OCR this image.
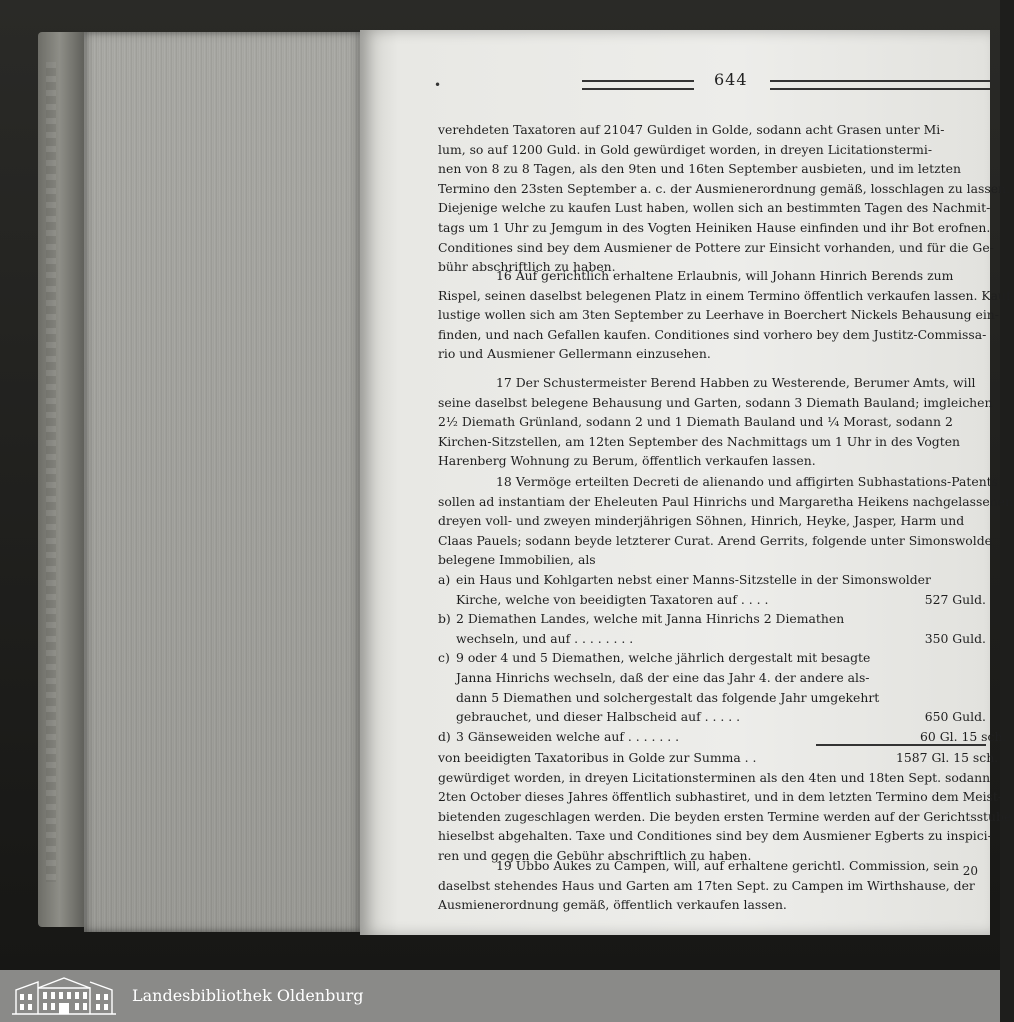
•	644
verehdeten Taxatoren auf 21047 Gulden in Golde, sodann acht Grasen unter Mi-
lum, so auf 1200 Guld. in Gold gewürdiget worden, in dreyen Licitationstermi-
nen von 8 zu 8 Tagen, als den 9ten und 16ten September ausbieten, und im letzten
Termino den 23sten September a. c. der Ausmienerordnung gemäß, losschlagen zu lassen.
Diejenige welche zu kaufen Lust haben, wollen sich an bestimmten Tagen des Nachmit-
tags um 1 Uhr zu Jemgum in des Vogten Heiniken Hause einfinden und ihr Bot erofnen.
Conditiones sind bey dem Ausmiener de Pottere zur Einsicht vorhanden, und für die Ge-
bühr abschriftlich zu haben.
16 Auf gerichtlich erhaltene Erlaubnis, will Johann Hinrich Berends zum
Rispel, seinen daselbst belegenen Platz in einem Termino öffentlich verkaufen lassen. Kauf-
lustige wollen sich am 3ten September zu Leerhave in Boerchert Nickels Behausung ein-
finden, und nach Gefallen kaufen. Conditiones sind vorhero bey dem Justitz-Commissa-
rio und Ausmiener Gellermann einzusehen.
17 Der Schustermeister Berend Habben zu Westerende, Berumer Amts, will
seine daselbst belegene Behausung und Garten, sodann 3 Diemath Bauland; imgleichen
2½ Diemath Grünland, sodann 2 und 1 Diemath Bauland und ¼ Morast, sodann 2
Kirchen-Sitzstellen, am 12ten September des Nachmittags um 1 Uhr in des Vogten
Harenberg Wohnung zu Berum, öffentlich verkaufen lassen.
18 Vermöge erteilten Decreti de alienando und affigirten Subhastations-Patents
sollen ad instantiam der Eheleuten Paul Hinrichs und Margaretha Heikens nachgelassenen
dreyen voll- und zweyen minderjährigen Söhnen, Hinrich, Heyke, Jasper, Harm und
Claas Pauels; sodann beyde letzterer Curat. Arend Gerrits, folgende unter Simonswolde
belegene Immobilien, als
a) ein Haus und Kohlgarten nebst einer Manns-Sitzstelle in der Simonswolder
Kirche, welche von beeidigten Taxatoren auf . . . .	527 Guld.
b) 2 Diemathen Landes, welche mit Janna Hinrichs 2 Diemathen
wechseln, und auf . . . . . . . .	350 Guld.
c) 9 oder 4 und 5 Diemathen, welche jährlich dergestalt mit besagte
Janna Hinrichs wechseln, daß der eine das Jahr 4. der andere als-
dann 5 Diemathen und solchergestalt das folgende Jahr umgekehrt
gebrauchet, und dieser Halbscheid auf . . . . .	650 Guld.
d) 3 Gänseweiden welche auf . . . . . . .	60 Gl. 15 sch.
von beeidigten Taxatoribus in Golde zur Summa . .	1587 Gl. 15 sch.
gewürdiget worden, in dreyen Licitationsterminen als den 4ten und 18ten Sept. sodann
2ten October dieses Jahres öffentlich subhastiret, und in dem letzten Termino dem Meist-
bietenden zugeschlagen werden. Die beyden ersten Termine werden auf der Gerichtsstube
hieselbst abgehalten. Taxe und Conditiones sind bey dem Ausmiener Egberts zu inspici-
ren und gegen die Gebühr abschriftlich zu haben.
19 Ubbo Aukes zu Campen, will, auf erhaltene gerichtl. Commission, sein
daselbst stehendes Haus und Garten am 17ten Sept. zu Campen im Wirthshause, der
Ausmienerordnung gemäß, öffentlich verkaufen lassen.
20
Landesbibliothek Oldenburg
